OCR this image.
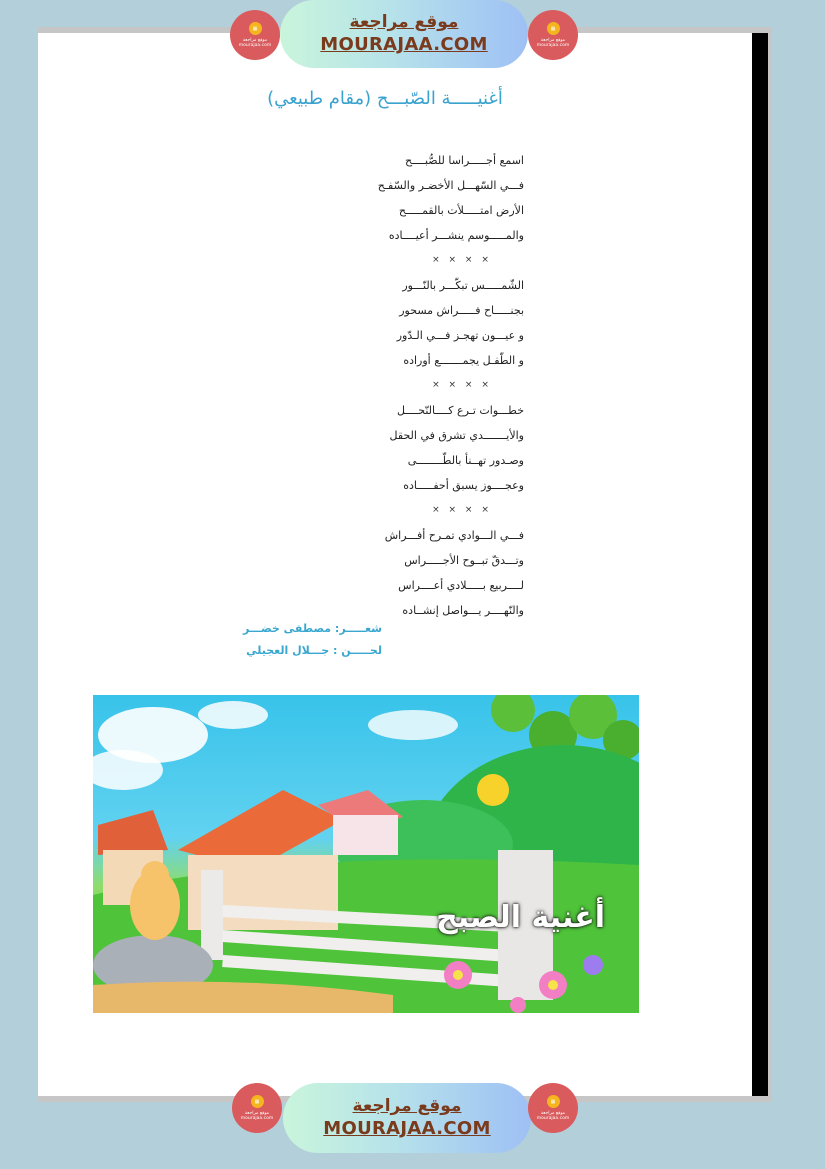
▦
موقع مراجعة mourajaa.com
موقع مراجعة
MOURAJAA.COM
▦
موقع مراجعة mourajaa.com
أغنيـــــة الصّبـــح (مقام طبيعي)
اسمع أجـــــراسا للصُّبــــح
فـــي السّهـــل الأخضـر والسّفـح
الأرض امتـــــلأت بالقمـــــح
والمـــــوسم ينشـــر أعيــــاده
× × × ×
الشّمـــــس تبكّـــر بالنّـــور
بجنـــــاح فـــــراش مسحور
و عيـــون تهجـز فـــي الـدّور
و الطّفـل يجمـــــــع أوراده
× × × ×
خطـــوات تـرع كــــالنّحــــل
والأيـــــــدي تشرق في الحقل
وصـدور تهــنأ بالطّــــــــى
وعجــــوز يسبق أحفـــــاده
× × × ×
فـــي الـــوادي تمـرح أفـــراش
وتـــدقّ تبــوح الأجـــــراس
لــــربيع بـــــلادي أعــــراس
والنّهــــر يـــواصل إنشــاده
شعـــــر: مصطفى خضـــر
لحـــــن : جـــلال العجيلي
أغنية الصبح
▦
موقع مراجعة mourajaa.com
موقع مراجعة
MOURAJAA.COM
▦
موقع مراجعة mourajaa.com
